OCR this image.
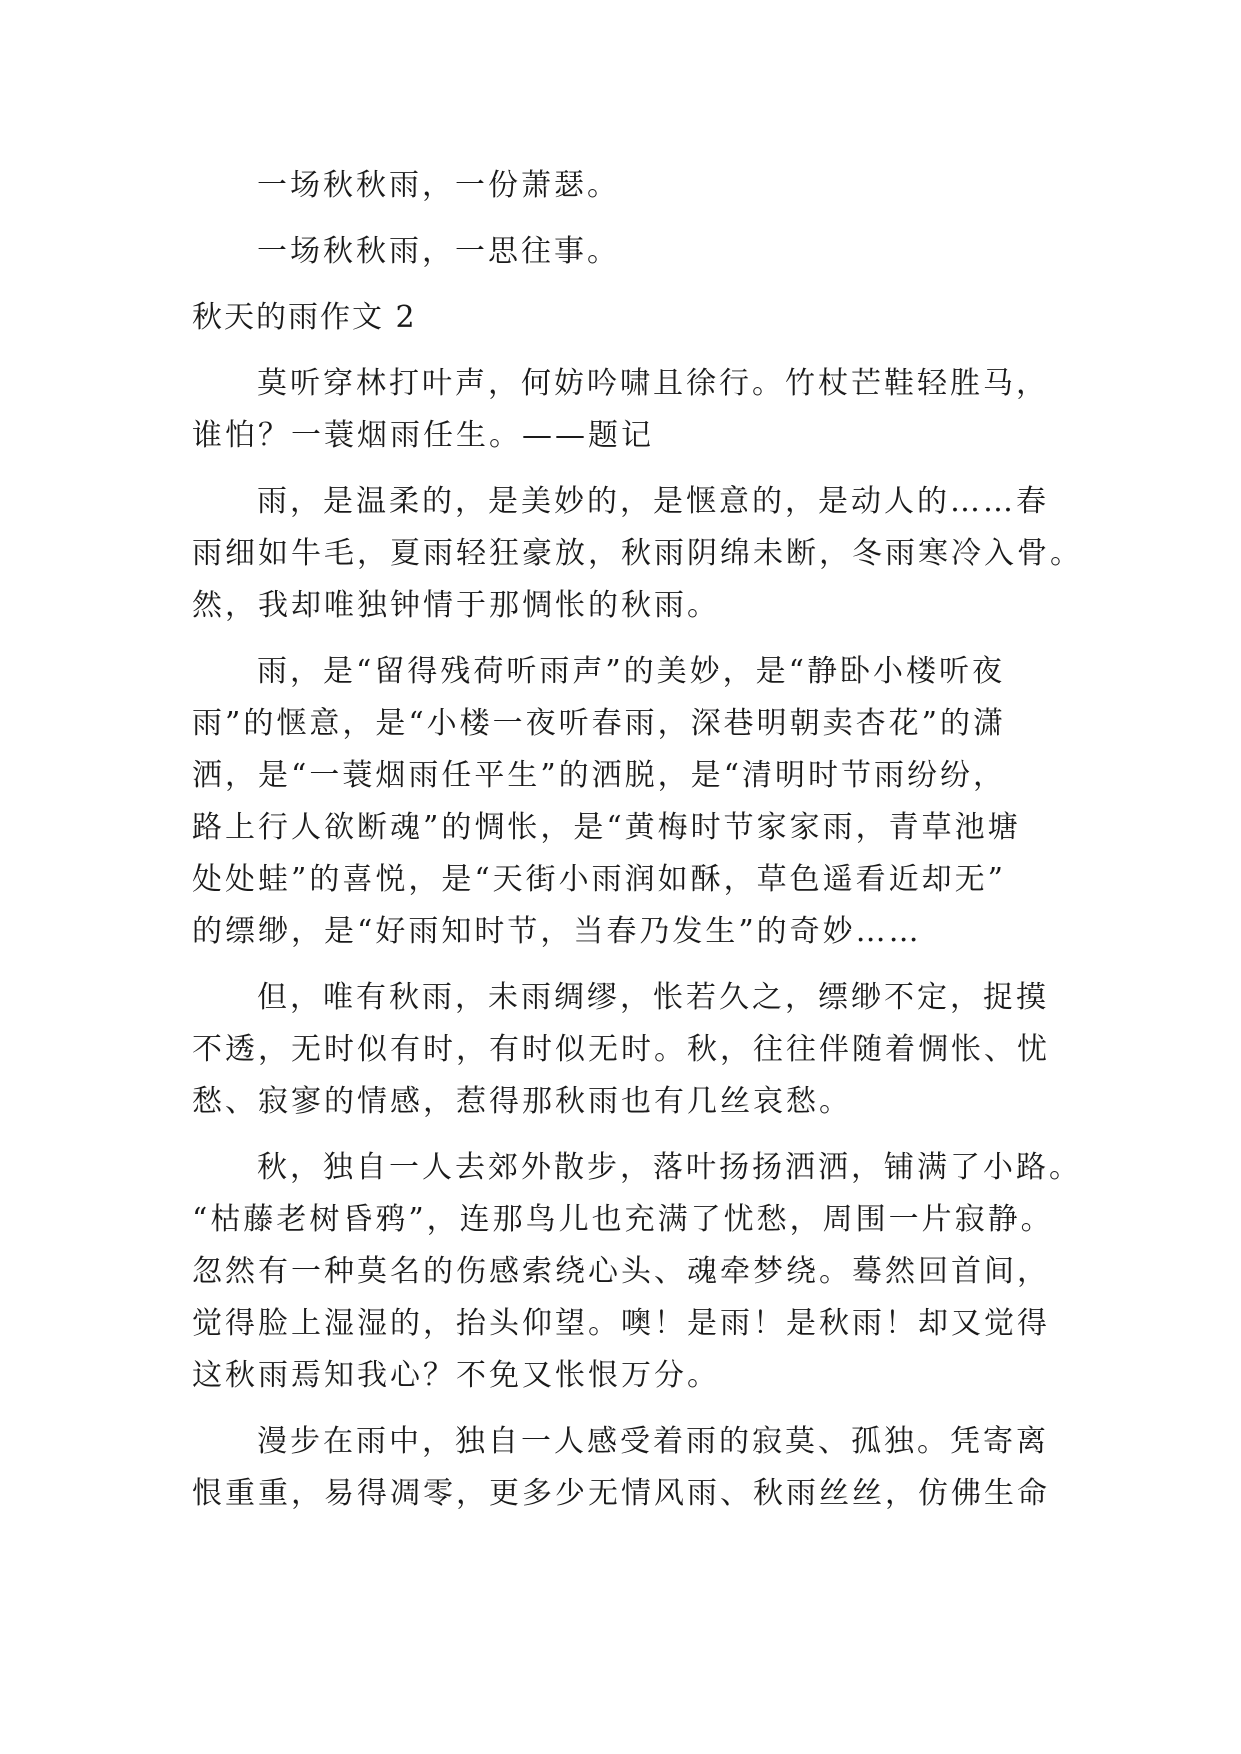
一场秋秋雨，一份萧瑟。

一场秋秋雨，一思往事。

秋天的雨作文 2

莫听穿林打叶声，何妨吟啸且徐行。竹杖芒鞋轻胜马，

谁怕？一蓑烟雨任生。——题记

雨，是温柔的，是美妙的，是惬意的，是动人的……春

雨细如牛毛，夏雨轻狂豪放，秋雨阴绵未断，冬雨寒冷入骨。

然，我却唯独钟情于那惆怅的秋雨。

雨，是“留得残荷听雨声”的美妙，是“静卧小楼听夜

雨”的惬意，是“小楼一夜听春雨，深巷明朝卖杏花”的潇

洒，是“一蓑烟雨任平生”的洒脱，是“清明时节雨纷纷，

路上行人欲断魂”的惆怅，是“黄梅时节家家雨，青草池塘

处处蛙”的喜悦，是“天街小雨润如酥，草色遥看近却无”

的缥缈，是“好雨知时节，当春乃发生”的奇妙……

但，唯有秋雨，未雨绸缪，怅若久之，缥缈不定，捉摸

不透，无时似有时，有时似无时。秋，往往伴随着惆怅、忧

愁、寂寥的情感，惹得那秋雨也有几丝哀愁。

秋，独自一人去郊外散步，落叶扬扬洒洒，铺满了小路。

“枯藤老树昏鸦”，连那鸟儿也充满了忧愁，周围一片寂静。

忽然有一种莫名的伤感索绕心头、魂牵梦绕。蓦然回首间，

觉得脸上湿湿的，抬头仰望。噢！是雨！是秋雨！却又觉得

这秋雨焉知我心？不免又怅恨万分。

漫步在雨中，独自一人感受着雨的寂莫、孤独。凭寄离

恨重重，易得凋零，更多少无情风雨、秋雨丝丝，仿佛生命
